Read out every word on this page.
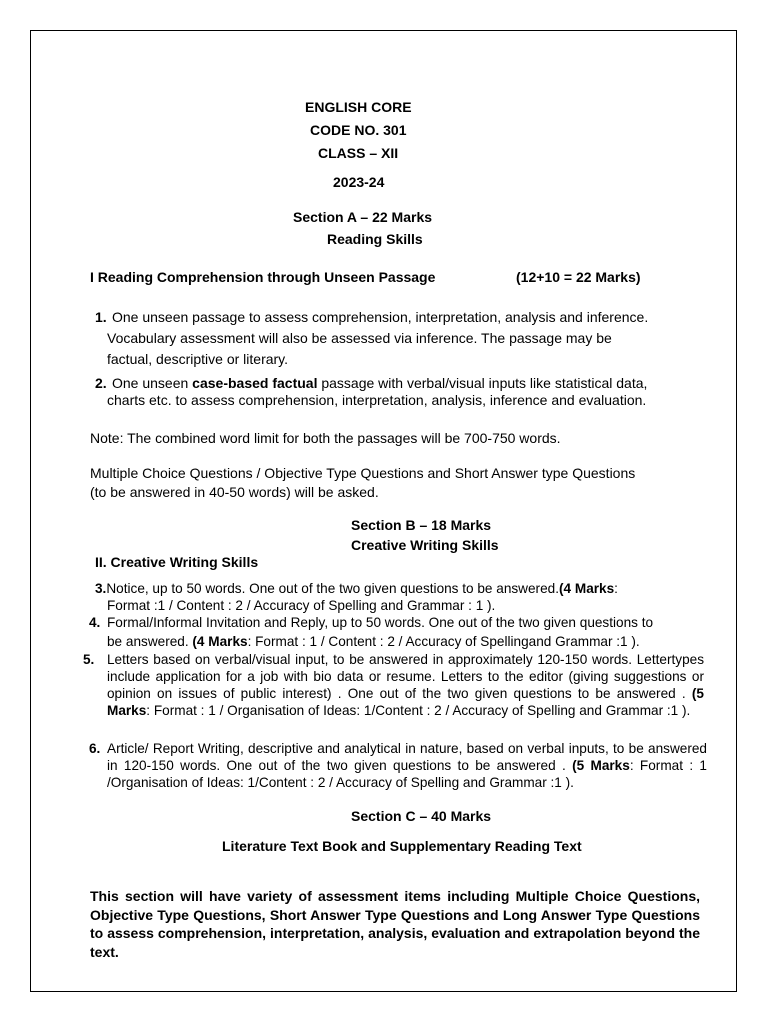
ENGLISH CORE
CODE NO. 301
CLASS – XII
2023-24
Section A – 22 Marks
Reading Skills
I Reading Comprehension through Unseen Passage	(12+10 = 22 Marks)
1. One unseen passage to assess comprehension, interpretation, analysis and inference.
Vocabulary assessment will also be assessed via inference. The passage may be
factual, descriptive or literary.
2. One unseen case-based factual passage with verbal/visual inputs like statistical data,
charts etc. to assess comprehension, interpretation, analysis, inference and evaluation.
Note: The combined word limit for both the passages will be 700-750 words.
Multiple Choice Questions / Objective Type Questions and Short Answer type Questions
(to be answered in 40-50 words) will be asked.
Section B – 18 Marks
Creative Writing Skills
II. Creative Writing Skills
3.Notice, up to 50 words. One out of the two given questions to be answered.(4 Marks:
Format :1 / Content : 2 / Accuracy of Spelling and Grammar : 1 ).
4. Formal/Informal Invitation and Reply, up to 50 words. One out of the two given questions to
be answered. (4 Marks: Format : 1 / Content : 2 / Accuracy of Spellingand Grammar :1 ).
5. Letters based on verbal/visual input, to be answered in approximately 120-150 words. Lettertypes include application for a job with bio data or resume. Letters to the editor (giving suggestions or opinion on issues of public interest) . One out of the two given questions to be answered . (5 Marks: Format : 1 / Organisation of Ideas: 1/Content : 2 / Accuracy of Spelling and Grammar :1 ).
6. Article/ Report Writing, descriptive and analytical in nature, based on verbal inputs, to be answered in 120-150 words. One out of the two given questions to be answered . (5 Marks: Format : 1 /Organisation of Ideas: 1/Content : 2 / Accuracy of Spelling and Grammar :1 ).
Section C – 40 Marks
Literature Text Book and Supplementary Reading Text
This section will have variety of assessment items including Multiple Choice Questions, Objective Type Questions, Short Answer Type Questions and Long Answer Type Questions to assess comprehension, interpretation, analysis, evaluation and extrapolation beyond the text.
